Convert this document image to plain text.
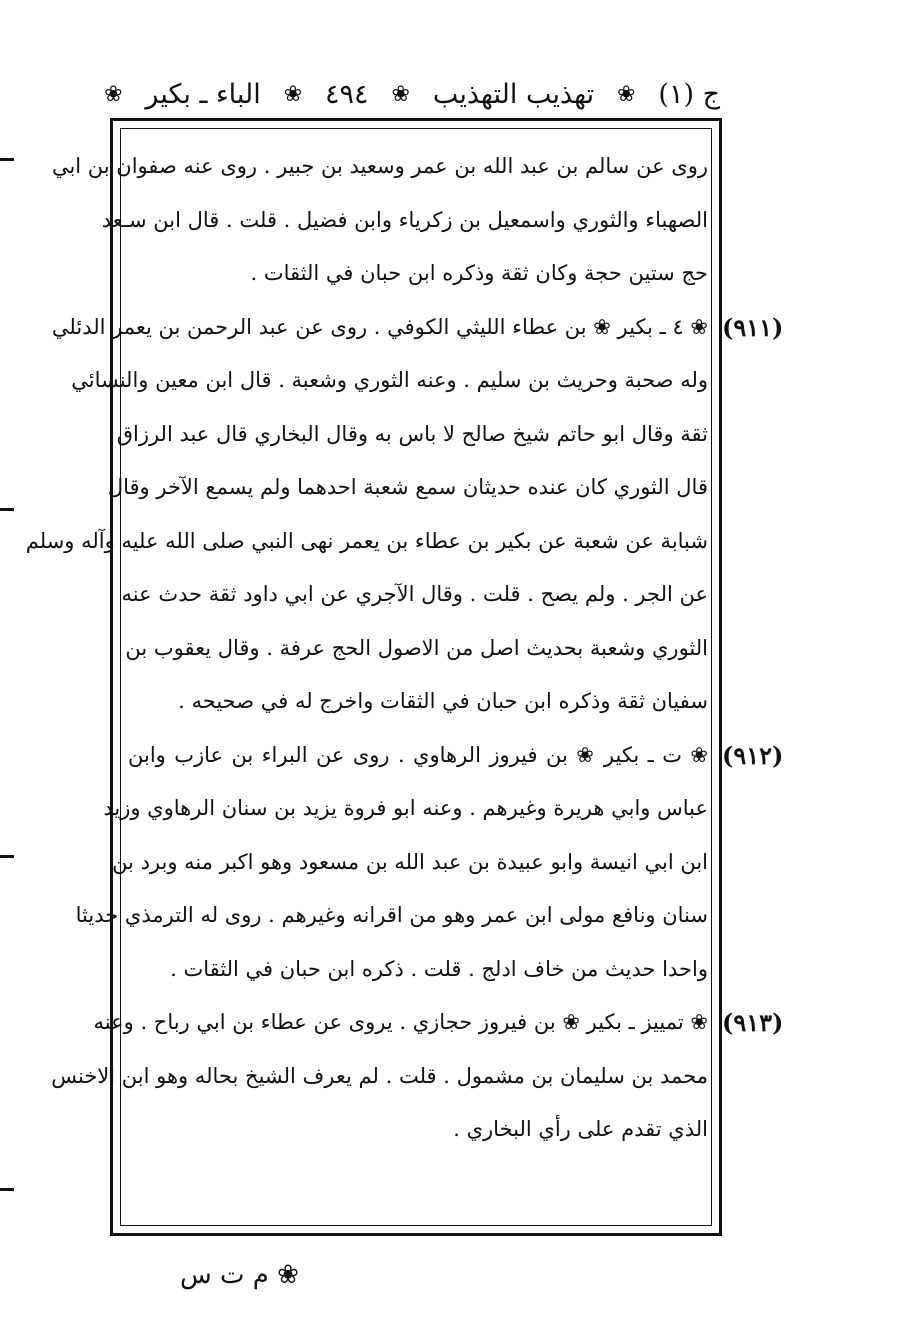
ج (١)
❀
تهذيب التهذيب
❀
٤٩٤
❀
الباء ـ بكير
❀
روى عن سالم بن عبد الله بن عمر وسعيد بن جبير . روى عنه صفوان بن ابي
الصهباء والثوري واسمعيل بن زكرياء وابن فضيل . قلت . قال ابن سـعد
حج ستين حجة وكان ثقة وذكره ابن حبان في الثقات .
❀ ٤ ـ بكير ❀ بن عطاء الليثي الكوفي . روى عن عبد الرحمن بن يعمر الدئلي
وله صحبة وحريث بن سليم . وعنه الثوري وشعبة . قال ابن معين والنسائي
ثقة وقال ابو حاتم شيخ صالح لا باس به وقال البخاري قال عبد الرزاق
قال الثوري كان عنده حديثان سمع شعبة احدهما ولم يسمع الآخر وقال
شبابة عن شعبة عن بكير بن عطاء بن يعمر نهى النبي صلى الله عليه وآله وسلم
عن الجر . ولم يصح . قلت . وقال الآجري عن ابي داود ثقة حدث عنه
الثوري وشعبة بحديث اصل من الاصول الحج عرفة . وقال يعقوب بن
سفيان ثقة وذكره ابن حبان في الثقات واخرج له في صحيحه .
❀ ت ـ بكير ❀ بن فيروز الرهاوي . روى عن البراء بن عازب وابن
عباس وابي هريرة وغيرهم . وعنه ابو فروة يزيد بن سنان الرهاوي وزيد
ابن ابي انيسة وابو عبيدة بن عبد الله بن مسعود وهو اكبر منه وبرد بن
سنان ونافع مولى ابن عمر وهو من اقرانه وغيرهم . روى له الترمذي حديثا
واحدا حديث من خاف ادلج . قلت . ذكره ابن حبان في الثقات .
❀ تمييز ـ بكير ❀ بن فيروز حجازي . يروى عن عطاء بن ابي رباح . وعنه
محمد بن سليمان بن مشمول . قلت . لم يعرف الشيخ بحاله وهو ابن الاخنس
الذي تقدم على رأي البخاري .
❀ م ت س
(٩١١)
(٩١٢)
(٩١٣)
